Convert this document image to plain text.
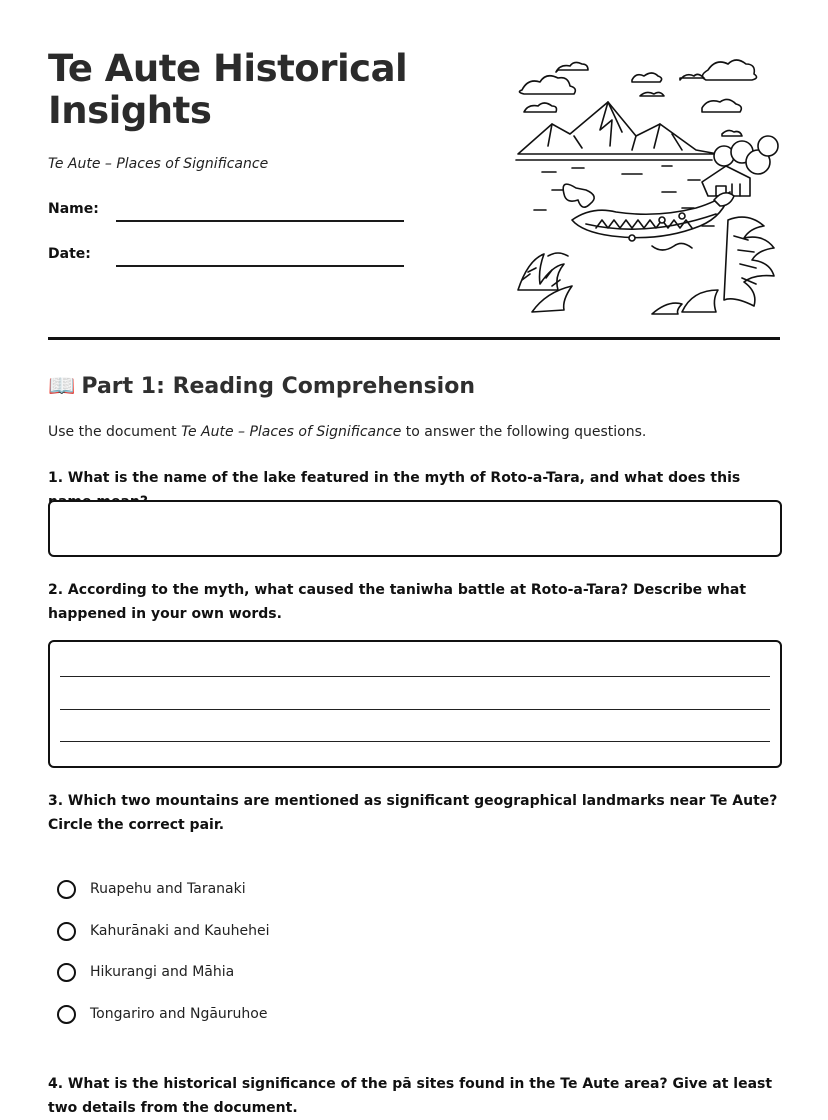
Te Aute Historical Insights

Te Aute – Places of Significance

Name:
Date:
📖 Part 1: Reading Comprehension

Use the document Te Aute – Places of Significance to answer the following questions.

1. What is the name of the lake featured in the myth of Roto-a-Tara, and what does this

2. According to the myth, what caused the taniwha battle at Roto-a-Tara? Describe what happened in your own words.

3. Which two mountains are mentioned as significant geographical landmarks near Te Aute? Circle the correct pair.

Ruapehu and Taranaki
Kahurānaki and Kauhehei
Hikurangi and Māhia
Tongariro and Ngāuruhoe

4. What is the historical significance of the pā sites found in the Te Aute area? Give at least two details from the document.
